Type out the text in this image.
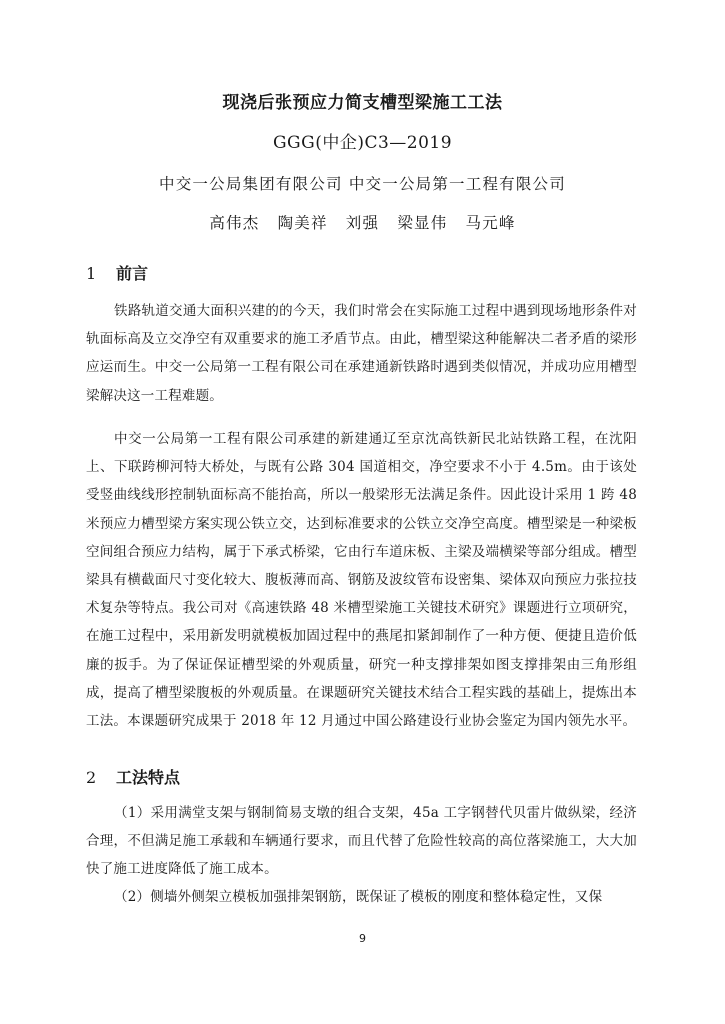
现浇后张预应力简支槽型梁施工工法
GGG(中企)C3—2019
中交一公局集团有限公司 中交一公局第一工程有限公司
高伟杰 陶美祥 刘强 梁显伟 马元峰
1 前言

铁路轨道交通大面积兴建的的今天，我们时常会在实际施工过程中遇到现场地形条件对轨面标高及立交净空有双重要求的施工矛盾节点。由此，槽型梁这种能解决二者矛盾的梁形应运而生。中交一公局第一工程有限公司在承建通新铁路时遇到类似情况，并成功应用槽型梁解决这一工程难题。

中交一公局第一工程有限公司承建的新建通辽至京沈高铁新民北站铁路工程，在沈阳上、下联跨柳河特大桥处，与既有公路 304 国道相交，净空要求不小于 4.5m。由于该处受竖曲线线形控制轨面标高不能抬高，所以一般梁形无法满足条件。因此设计采用 1 跨 48 米预应力槽型梁方案实现公铁立交，达到标准要求的公铁立交净空高度。槽型梁是一种梁板空间组合预应力结构，属于下承式桥梁，它由行车道床板、主梁及端横梁等部分组成。槽型梁具有横截面尺寸变化较大、腹板薄而高、钢筋及波纹管布设密集、梁体双向预应力张拉技术复杂等特点。我公司对《高速铁路 48 米槽型梁施工关键技术研究》课题进行立项研究，在施工过程中，采用新发明就模板加固过程中的燕尾扣紧卸制作了一种方便、便捷且造价低廉的扳手。为了保证保证槽型梁的外观质量，研究一种支撑排架如图支撑排架由三角形组成，提高了槽型梁腹板的外观质量。在课题研究关键技术结合工程实践的基础上，提炼出本工法。本课题研究成果于 2018 年 12 月通过中国公路建设行业协会鉴定为国内领先水平。

2 工法特点

（1）采用满堂支架与钢制简易支墩的组合支架，45a 工字钢替代贝雷片做纵梁，经济合理，不但满足施工承载和车辆通行要求，而且代替了危险性较高的高位落梁施工，大大加快了施工进度降低了施工成本。

（2）侧墙外侧架立模板加强排架钢筋，既保证了模板的刚度和整体稳定性，又保

9
